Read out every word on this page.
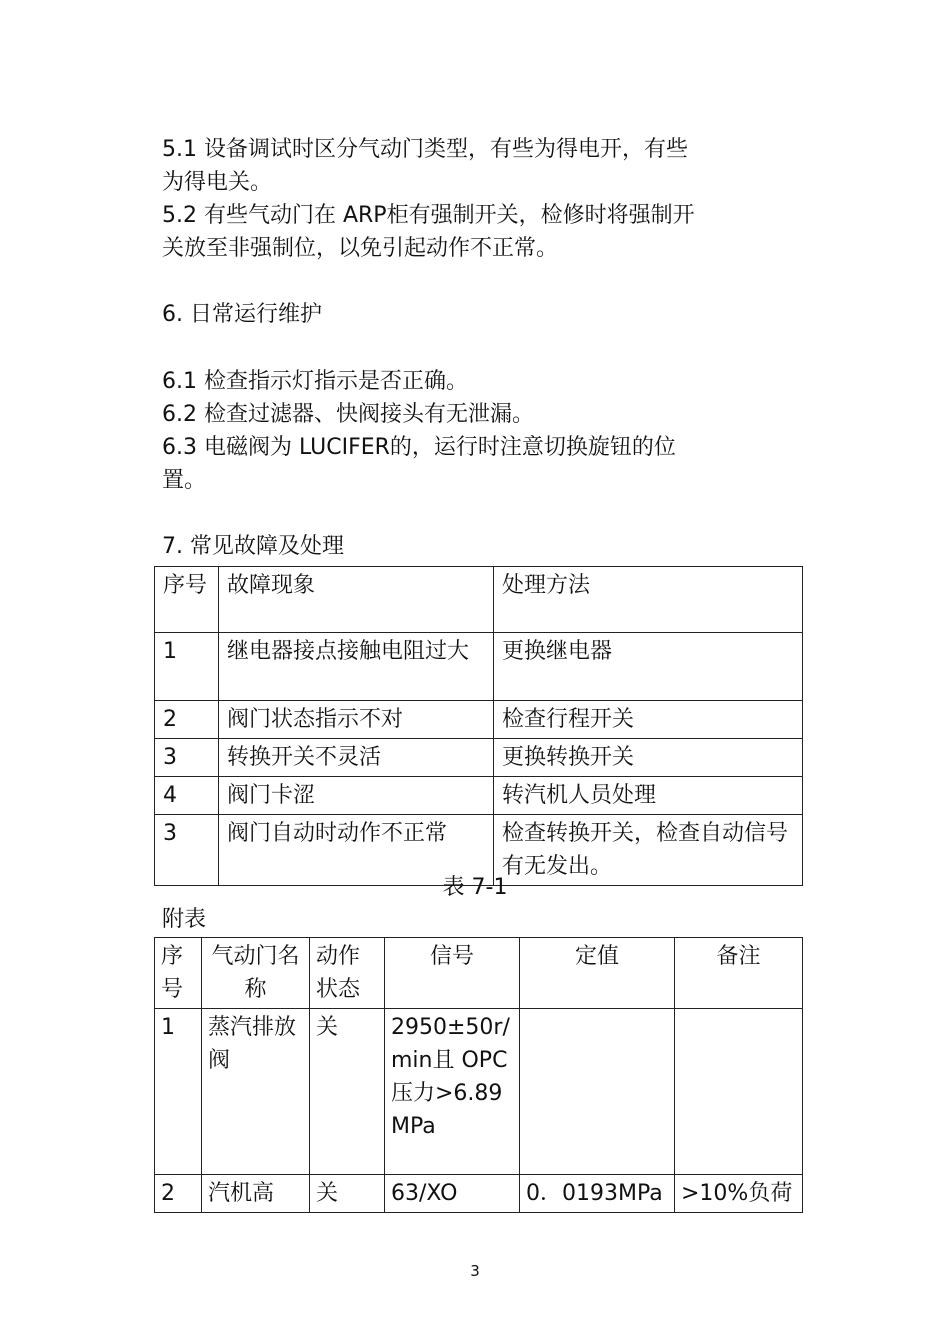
5.1 设备调试时区分气动门类型，有些为得电开，有些
为得电关。
5.2 有些气动门在 ARP柜有强制开关，检修时将强制开
关放至非强制位，以免引起动作不正常。
6. 日常运行维护
6.1 检查指示灯指示是否正确。
6.2 检查过滤器、快阀接头有无泄漏。
6.3 电磁阀为 LUCIFER的，运行时注意切换旋钮的位
置。
7. 常见故障及处理
序号	故障现象	处理方法
1	继电器接点接触电阻过大	更换继电器
2	阀门状态指示不对	检查行程开关
3	转换开关不灵活	更换转换开关
4	阀门卡涩	转汽机人员处理
3	阀门自动时动作不正常	检查转换开关，检查自动信号有无发出。
表 7-1
附表
序号	气动门名称	动作状态	信号	定值	备注
1	蒸汽排放阀	关	2950±50r/min且 OPC压力>6.89MPa		
2	汽机高	关	63/XO	0．0193MPa	>10%负荷
3
